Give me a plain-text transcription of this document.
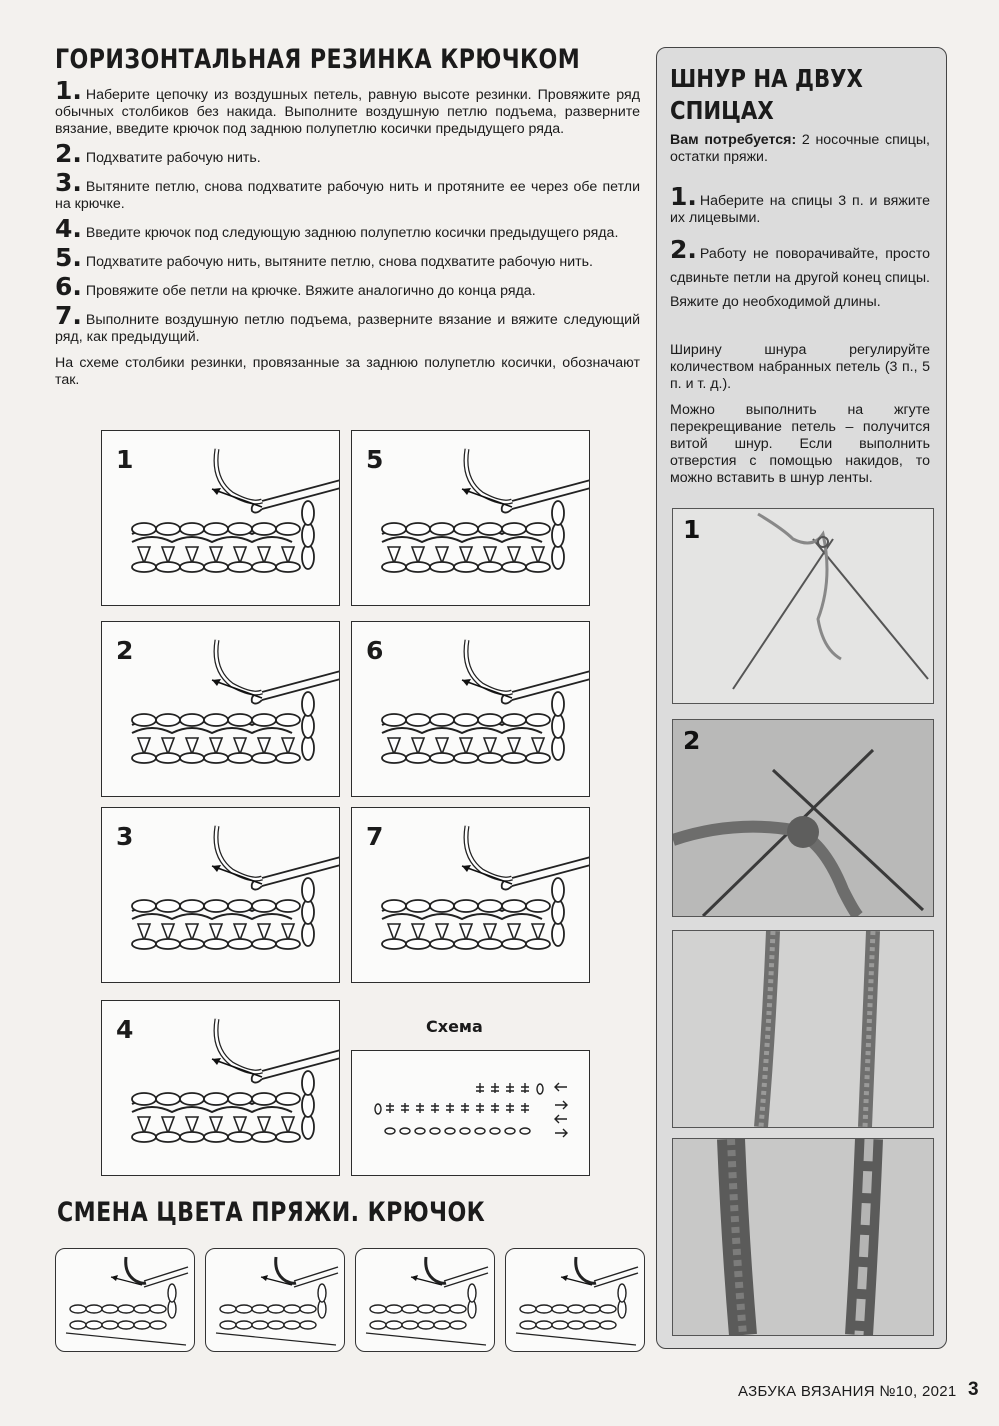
ГОРИЗОНТАЛЬНАЯ РЕЗИНКА КРЮЧКОМ

1. Наберите цепочку из воздушных петель, равную высоте резинки. Провяжите ряд обычных столбиков без накида. Выполните воздушную петлю подъема, разверните вязание, введите крючок под заднюю полупетлю косички предыдущего ряда.

2. Подхватите рабочую нить.

3. Вытяните петлю, снова подхватите рабочую нить и протяните ее через обе петли на крючке.

4. Введите крючок под следующую заднюю полупетлю косички предыдущего ряда.

5. Подхватите рабочую нить, вытяните петлю, снова подхватите рабочую нить.

6. Провяжите обе петли на крючке. Вяжите аналогично до конца ряда.

7. Выполните воздушную петлю подъема, разверните вязание и вяжите следующий ряд, как предыдущий.

На схеме столбики резинки, провязанные за заднюю полупетлю косички, обозначают так.

1	5
2	6
3	7
4	Схема
СМЕНА ЦВЕТА ПРЯЖИ. КРЮЧОК
ШНУР НА ДВУХ
СПИЦАХ
Вам потребуется: 2 носочные спицы, остатки пряжи.
1. Наберите на спицы 3 п. и вяжите их лицевыми.
2. Работу не поворачивайте, просто сдвиньте петли на другой конец спицы. Вяжите до необходимой длины.
Ширину шнура регулируйте количеством набранных петель (3 п., 5 п. и т. д.).
Можно выполнить на жгуте перекрещивание петель – получится витой шнур. Если выполнить отверстия с помощью накидов, то можно вставить в шнур ленты.
1
2
АЗБУКА ВЯЗАНИЯ №10, 2021 3
